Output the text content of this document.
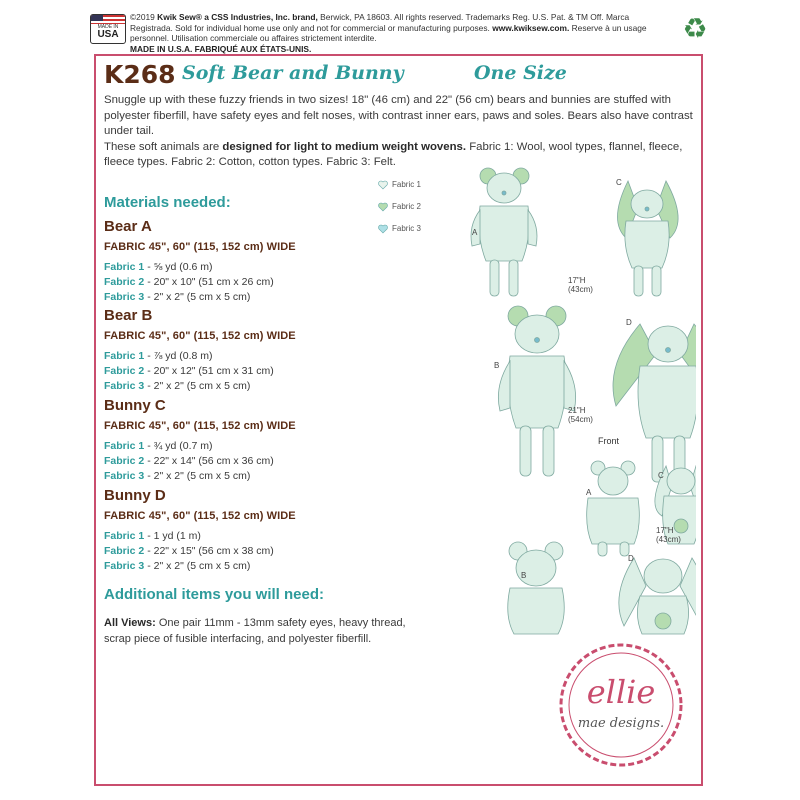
MADE IN
USA
©2019 Kwik Sew® a CSS Industries, Inc. brand, Berwick, PA 18603. All rights reserved. Trademarks Reg. U.S. Pat. & TM Off. Marca Registrada. Sold for individual home use only and not for commercial or manufacturing purposes. www.kwiksew.com. Reserve à un usage personnel. Utilisation commerciale ou affaires strictement interdite.
MADE IN U.S.A. FABRIQUÉ AUX ÉTATS-UNIS.
♻
K268 Soft Bear and Bunny	One Size
Snuggle up with these fuzzy friends in two sizes! 18" (46 cm) and 22" (56 cm) bears and bunnies are stuffed with polyester fiberfill, have safety eyes and felt noses, with contrast inner ears, paws and soles. Bears also have contrast under tail.
These soft animals are designed for light to medium weight wovens. Fabric 1: Wool, wool types, flannel, fleece, fleece types. Fabric 2: Cotton, cotton types. Fabric 3: Felt.
Materials needed:
Bear A
FABRIC 45", 60" (115, 152 cm) WIDE
Fabric 1 - ⅝ yd (0.6 m)
Fabric 2 - 20" x 10" (51 cm x 26 cm)
Fabric 3 - 2" x 2" (5 cm x 5 cm)
Bear B
FABRIC 45", 60" (115, 152 cm) WIDE
Fabric 1 - ⅞ yd (0.8 m)
Fabric 2 - 20" x 12" (51 cm x 31 cm)
Fabric 3 - 2" x 2" (5 cm x 5 cm)
Bunny C
FABRIC 45", 60" (115, 152 cm) WIDE
Fabric 1 - ¾ yd (0.7 m)
Fabric 2 - 22" x 14" (56 cm x 36 cm)
Fabric 3 - 2" x 2" (5 cm x 5 cm)
Bunny D
FABRIC 45", 60" (115, 152 cm) WIDE
Fabric 1 - 1 yd (1 m)
Fabric 2 - 22" x 15" (56 cm x 38 cm)
Fabric 3 - 2" x 2" (5 cm x 5 cm)
Additional items you will need:
All Views: One pair 11mm - 13mm safety eyes, heavy thread, scrap piece of fusible interfacing, and polyester fiberfill.
Fabric 1
Fabric 2
Fabric 3	A
C
B
D
17"H (43cm)
21"H (54cm)
Front
A
C
B
D
17"H (43cm)
ellie
mae designs.
